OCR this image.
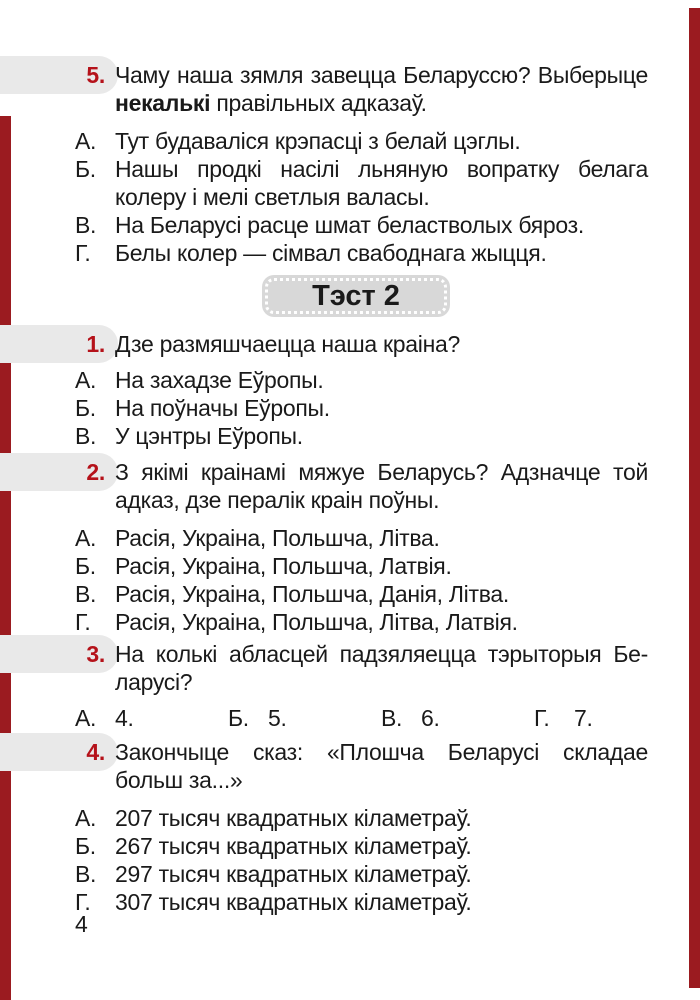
5. Чаму наша зямля завецца Беларуссю? Выберыце
некалькі правільных адказаў.
А. Тут будаваліся крэпасці з белай цэглы.
Б. Нашы продкі насілі льняную вопратку белага
колеру і мелі светлыя валасы.
В. На Беларусі расце шмат беластволых бяроз.
Г.	Белы колер — сімвал свабоднага жыцця.
Тэст 2
1. Дзе размяшчаецца наша краіна?
А. На захадзе Еўропы.
Б. На поўначы Еўропы.
В. У цэнтры Еўропы.
2. З якімі краінамі мяжуе Беларусь? Адзначце той
адказ, дзе пералік краін поўны.
А. Расія, Украіна, Польшча, Літва.
Б. Расія, Украіна, Польшча, Латвія.
В. Расія, Украіна, Польшча, Данія, Літва.
Г.	Расія, Украіна, Польшча, Літва, Латвія.
3. На колькі абласцей падзяляецца тэрыторыя Бе-
ларусі?
А. 4.	Б. 5.	В. 6.	Г.	7.
4. Закончыце сказ: «Плошча Беларусі складае
больш за...»
А. 207 тысяч квадратных кіламетраў.
Б. 267 тысяч квадратных кіламетраў.
В. 297 тысяч квадратных кіламетраў.
Г.	307 тысяч квадратных кіламетраў.
4
